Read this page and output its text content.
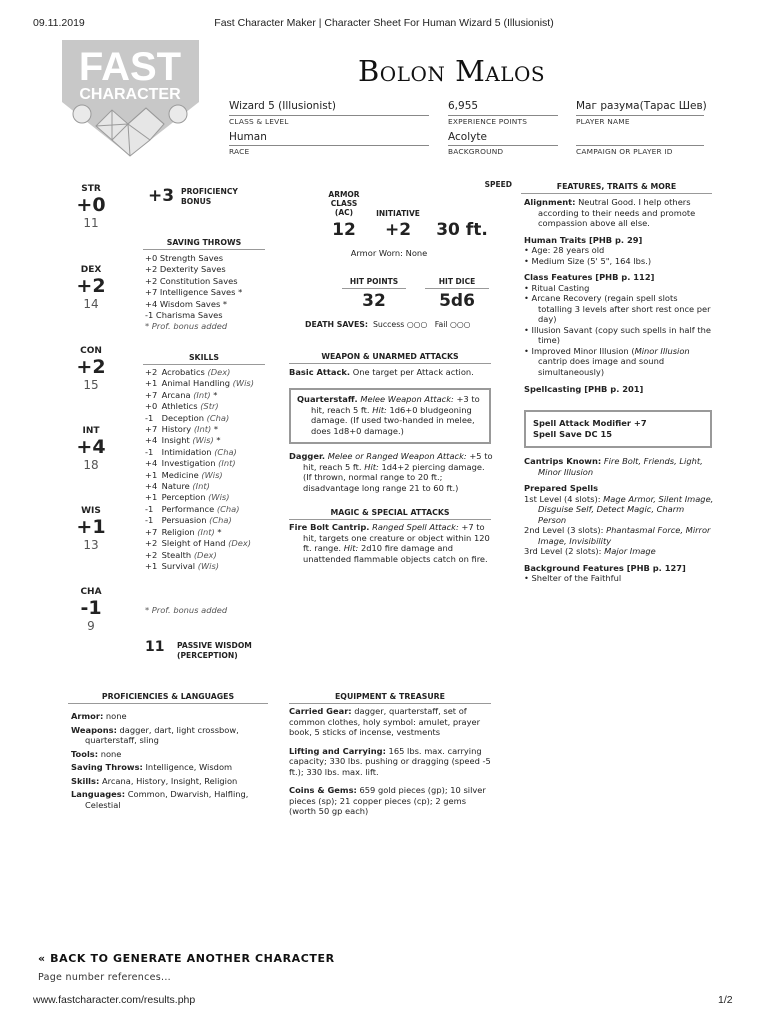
09.11.2019	Fast Character Maker | Character Sheet For Human Wizard 5 (Illusionist)
www.fastcharacter.com/results.php	1/2
FAST
CHARACTER
Bolon Malos
Wizard 5 (Illusionist)
CLASS & LEVEL
6,955
EXPERIENCE POINTS
Маг разума(Тарас Шев)
PLAYER NAME
Human
RACE
Acolyte
BACKGROUND	CAMPAIGN OR PLAYER ID
STR
+0
11
DEX
+2
14
CON
+2
15
INT
+4
18
WIS
+1
13
CHA
-1
9
+3 PROFICIENCY
BONUS
SAVING THROWS
+0 Strength Saves
+2 Dexterity Saves
+2 Constitution Saves
+7 Intelligence Saves *
+4 Wisdom Saves *
-1 Charisma Saves
* Prof. bonus added
SKILLS
+2 Acrobatics (Dex)
+1 Animal Handling (Wis)
+7 Arcana (Int) *
+0 Athletics (Str)
-1 Deception (Cha)
+7 History (Int) *
+4 Insight (Wis) *
-1 Intimidation (Cha)
+4 Investigation (Int)
+1 Medicine (Wis)
+4 Nature (Int)
+1 Perception (Wis)
-1 Performance (Cha)
-1 Persuasion (Cha)
+7 Religion (Int) *
+2 Sleight of Hand (Dex)
+2 Stealth (Dex)
+1 Survival (Wis)
* Prof. bonus added
11 PASSIVE WISDOM
(PERCEPTION)
ARMOR
CLASS
(AC)
12
INITIATIVE
+2
SPEED
30 ft.
Armor Worn: None
HIT POINTS
32
HIT DICE
5d6
DEATH SAVES: Success ○○○ Fail ○○○
WEAPON & UNARMED ATTACKS
Basic Attack. One target per Attack action.
Quarterstaff. Melee Weapon Attack: +3 to hit, reach 5 ft. Hit: 1d6+0 bludgeoning damage. (If used two-handed in melee, does 1d8+0 damage.)
Dagger. Melee or Ranged Weapon Attack: +5 to hit, reach 5 ft. Hit: 1d4+2 piercing damage. (If thrown, normal range to 20 ft.; disadvantage long range 21 to 60 ft.)
MAGIC & SPECIAL ATTACKS
Fire Bolt Cantrip. Ranged Spell Attack: +7 to hit, targets one creature or object within 120 ft. range. Hit: 2d10 fire damage and unattended flammable objects catch on fire.
FEATURES, TRAITS & MORE
Alignment: Neutral Good. I help others according to their needs and promote compassion above all else.
Human Traits [PHB p. 29]
• Age: 28 years old
• Medium Size (5' 5", 164 lbs.)
Class Features [PHB p. 112]
• Ritual Casting
• Arcane Recovery (regain spell slots totalling 3 levels after short rest once per day)
• Illusion Savant (copy such spells in half the time)
• Improved Minor Illusion (Minor Illusion cantrip does image and sound simultaneously)
Spellcasting [PHB p. 201]
Spell Attack Modifier +7
Spell Save DC 15
Cantrips Known: Fire Bolt, Friends, Light, Minor Illusion
Prepared Spells
1st Level (4 slots): Mage Armor, Silent Image, Disguise Self, Detect Magic, Charm Person
2nd Level (3 slots): Phantasmal Force, Mirror Image, Invisibility
3rd Level (2 slots): Major Image
Background Features [PHB p. 127]
• Shelter of the Faithful
PROFICIENCIES & LANGUAGES
Armor: none
Weapons: dagger, dart, light crossbow, quarterstaff, sling
Tools: none
Saving Throws: Intelligence, Wisdom
Skills: Arcana, History, Insight, Religion
Languages: Common, Dwarvish, Halfling, Celestial
EQUIPMENT & TREASURE
Carried Gear: dagger, quarterstaff, set of common clothes, holy symbol: amulet, prayer book, 5 sticks of incense, vestments
Lifting and Carrying: 165 lbs. max. carrying capacity; 330 lbs. pushing or dragging (speed -5 ft.); 330 lbs. max. lift.
Coins & Gems: 659 gold pieces (gp); 10 silver pieces (sp); 21 copper pieces (cp); 2 gems (worth 50 gp each)
« BACK TO GENERATE ANOTHER CHARACTER
Page number references...
